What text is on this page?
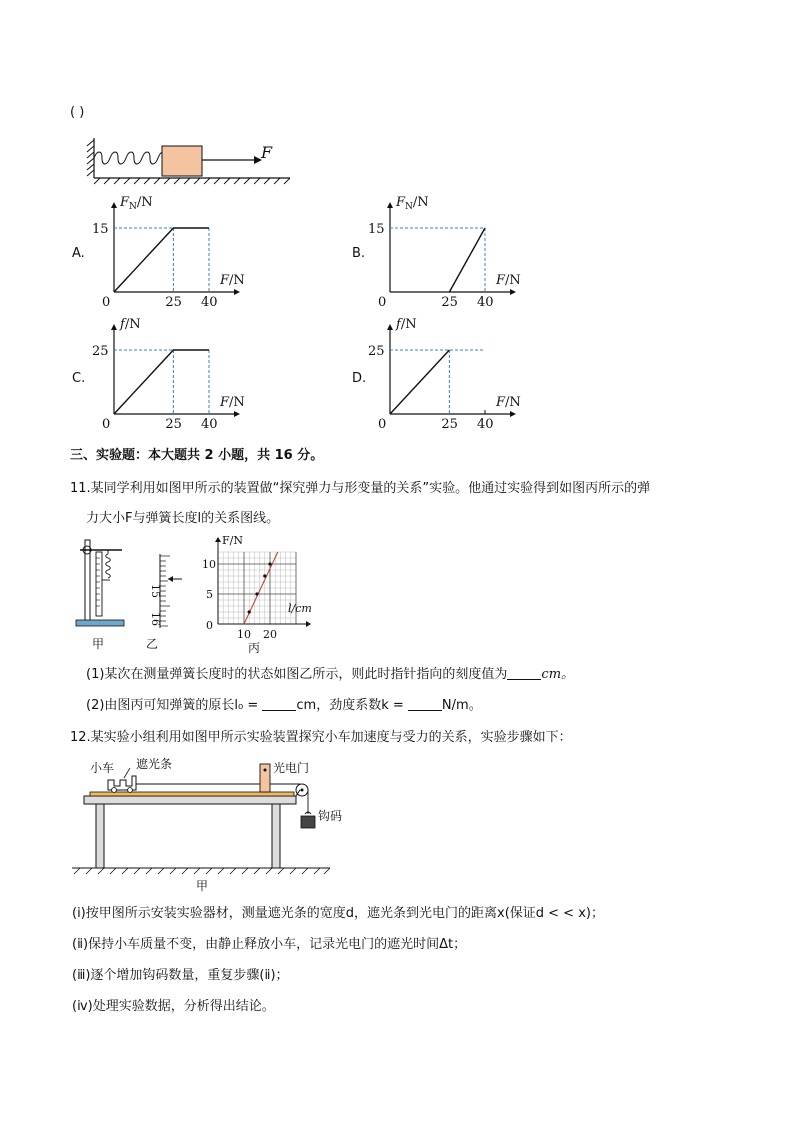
( )
F
A.
$F_N/N$
F/N
0
15
25 40
B.
$F_N/N$
F/N
0
15
25 40
C.
f/N
F/N
0
25
25 40
D.
f/N
F/N
0
25
25 40
三、实验题：本大题共 2 小题，共 16 分。
11.某同学利用如图甲所示的装置做“探究弹力与形变量的关系”实验。他通过实验得到如图丙所示的弹
力大小F与弹簧长度l的关系图线。
甲
15
16
乙
F/N
l/cm
10
5
0
10 20
丙
(1)某次在测量弹簧长度时的状态如图乙所示，则此时指针指向的刻度值为	cm。
(2)由图丙可知弹簧的原长l₀ =	cm，劲度系数k =	N/m。
12.某实验小组利用如图甲所示实验装置探究小车加速度与受力的关系，实验步骤如下：
小车 遮光条	光电门
钩码
甲
(ⅰ)按甲图所示安装实验器材，测量遮光条的宽度d，遮光条到光电门的距离x(保证d < < x)；
(ⅱ)保持小车质量不变，由静止释放小车，记录光电门的遮光时间Δt；
(ⅲ)逐个增加钩码数量，重复步骤(ⅱ)；
(ⅳ)处理实验数据，分析得出结论。
